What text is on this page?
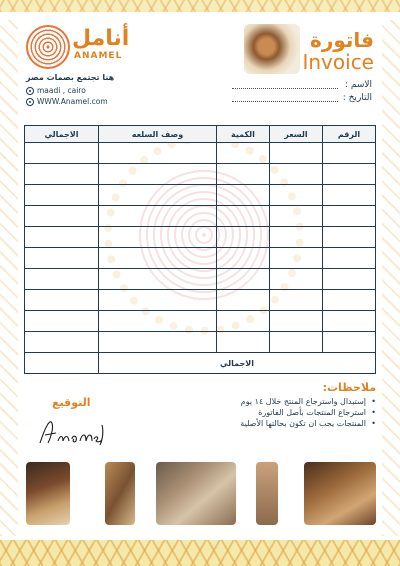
فاتورة
Invoice
الاسم :
التاريخ :
أنامل
ANAMEL
هنا تجتمع بصمات مصر
maadi , cairo
WWW.Anamel.com
الرقم	السعر	الكمية	وصف السلعه	الاجمالي

الاجمالي				
ملاحظات:
• إستبدال واسترجاع المنتج خلال ١٤ يوم
• استرجاع المنتجات بأصل الفاتورة
• المنتجات يجب ان تكون بحالتها الأصلية
التوقيع
